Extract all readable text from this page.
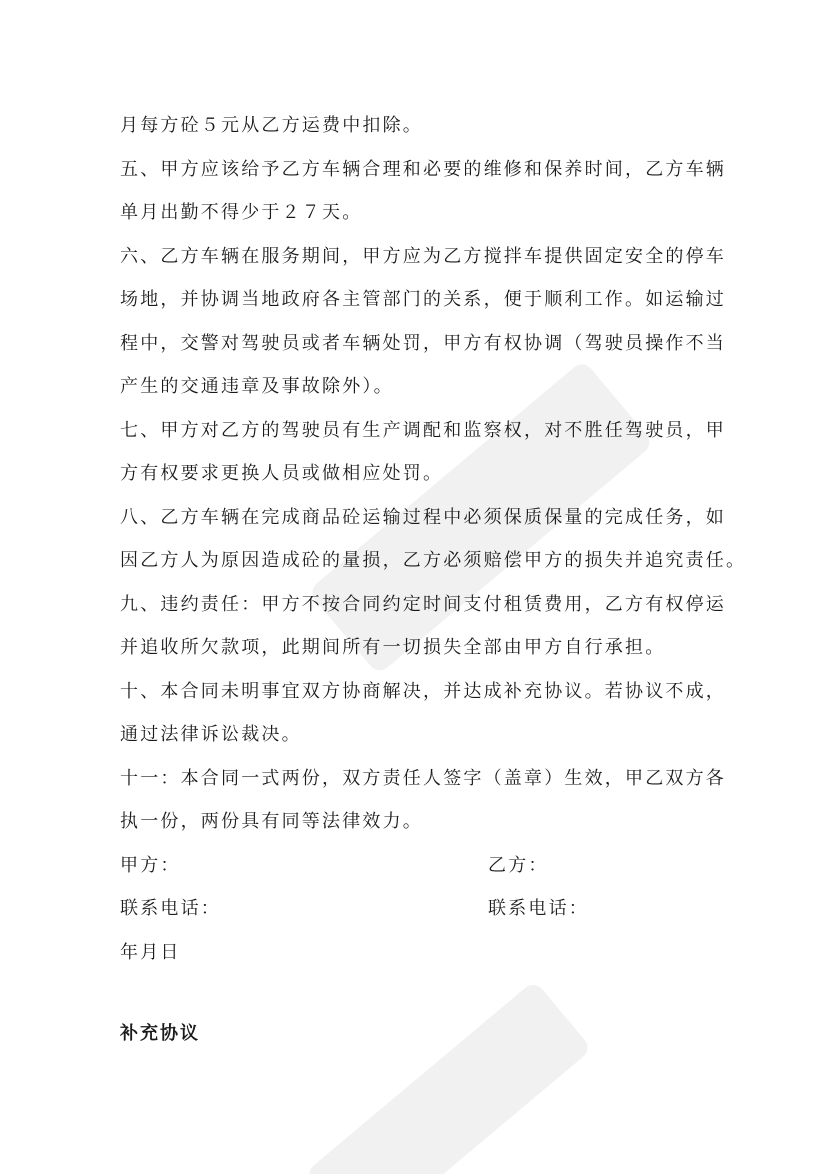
月每方砼５元从乙方运费中扣除。

五、甲方应该给予乙方车辆合理和必要的维修和保养时间，乙方车辆
单月出勤不得少于２７天。

六、乙方车辆在服务期间，甲方应为乙方搅拌车提供固定安全的停车
场地，并协调当地政府各主管部门的关系，便于顺利工作。如运输过
程中，交警对驾驶员或者车辆处罚，甲方有权协调（驾驶员操作不当
产生的交通违章及事故除外）。

七、甲方对乙方的驾驶员有生产调配和监察权，对不胜任驾驶员，甲
方有权要求更换人员或做相应处罚。

八、乙方车辆在完成商品砼运输过程中必须保质保量的完成任务，如
因乙方人为原因造成砼的量损，乙方必须赔偿甲方的损失并追究责任。

九、违约责任：甲方不按合同约定时间支付租赁费用，乙方有权停运
并追收所欠款项，此期间所有一切损失全部由甲方自行承担。

十、本合同未明事宜双方协商解决，并达成补充协议。若协议不成，
通过法律诉讼裁决。

十一：本合同一式两份，双方责任人签字（盖章）生效，甲乙双方各
执一份，两份具有同等法律效力。

甲方：	乙方：
联系电话：	联系电话：
年月日
补充协议
